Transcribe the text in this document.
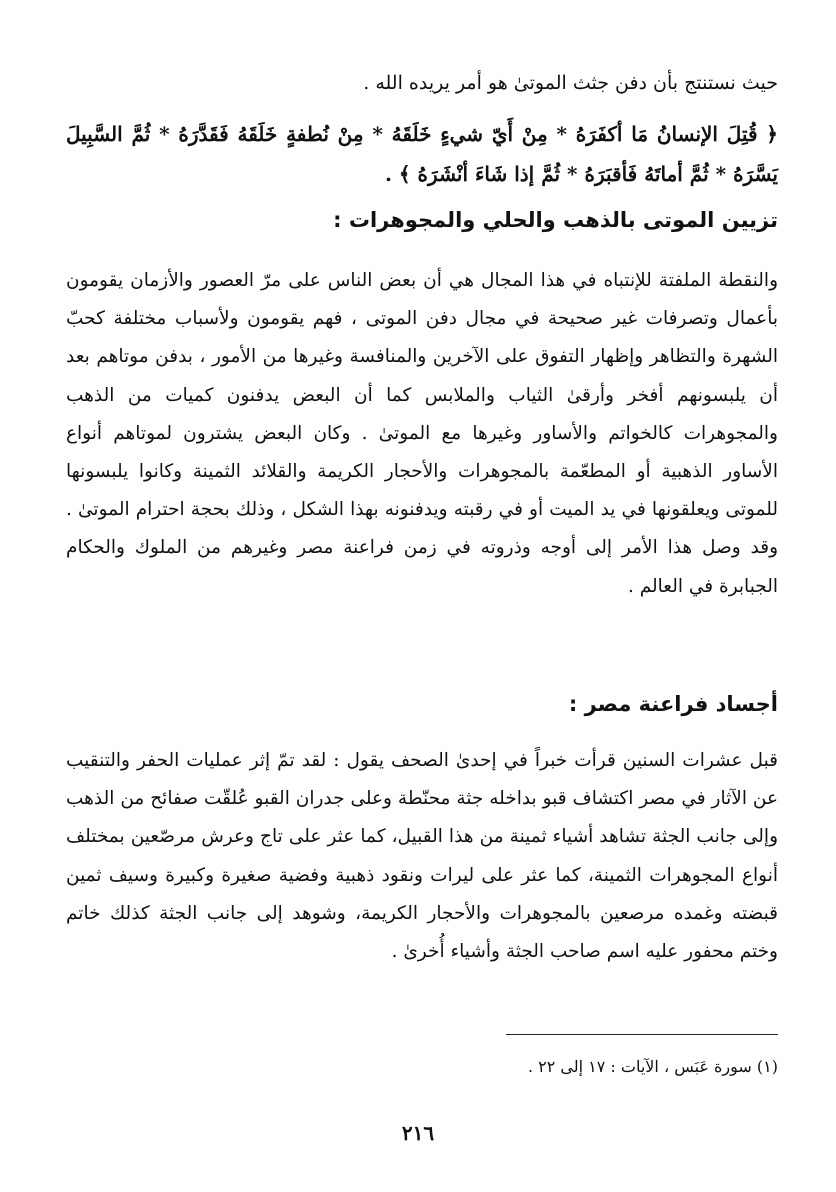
حيث نستنتج بأن دفن جثث الموتىٰ هو أمر يريده الله .
﴿ قُتِلَ الإنسانُ مَا أكفَرَهُ * مِنْ أَيّ شيءٍ خَلَقَهُ * مِنْ نُطفةٍ خَلَقَهُ فَقَدَّرَهُ * ثُمَّ السَّبِيلَ يَسَّرَهُ * ثُمَّ أماتَهُ فَأقبَرَهُ * ثُمَّ إذا شَاءَ أنْشَرَهُ ﴾ .
تزيين الموتى بالذهب والحلي والمجوهرات :
والنقطة الملفتة للإنتباه في هذا المجال هي أن بعض الناس على مرّ العصور والأزمان يقومون بأعمال وتصرفات غير صحيحة في مجال دفن الموتى ، فهم يقومون ولأسباب مختلفة كحبّ الشهرة والتظاهر وإظهار التفوق على الآخرين والمنافسة وغيرها من الأمور ، بدفن موتاهم بعد أن يلبسونهم أفخر وأرقىٰ الثياب والملابس كما أن البعض يدفنون كميات من الذهب والمجوهرات كالخواتم والأساور وغيرها مع الموتىٰ . وكان البعض يشترون لموتاهم أنواع الأساور الذهبية أو المطعّمة بالمجوهرات والأحجار الكريمة والقلائد الثمينة وكانوا يلبسونها للموتى ويعلقونها في يد الميت أو في رقبته ويدفنونه بهذا الشكل ، وذلك بحجة احترام الموتىٰ . وقد وصل هذا الأمر إلى أوجه وذروته في زمن فراعنة مصر وغيرهم من الملوك والحكام الجبابرة في العالم .
أجساد فراعنة مصر :
قبل عشرات السنين قرأت خبراً في إحدىٰ الصحف يقول : لقد تمّ إثر عمليات الحفر والتنقيب عن الآثار في مصر اكتشاف قبو بداخله جثة محنّطة وعلى جدران القبو عُلقّت صفائح من الذهب وإلى جانب الجثة تشاهد أشياء ثمينة من هذا القبيل، كما عثر على تاج وعرش مرصّعين بمختلف أنواع المجوهرات الثمينة، كما عثر على ليرات ونقود ذهبية وفضية صغيرة وكبيرة وسيف ثمين قبضته وغمده مرصعين بالمجوهرات والأحجار الكريمة، وشوهد إلى جانب الجثة كذلك خاتم وختم محفور عليه اسم صاحب الجثة وأشياء أُخرىٰ .
(١) سورة عَبَس ، الآيات : ١٧ إلى ٢٢ .
٢١٦
